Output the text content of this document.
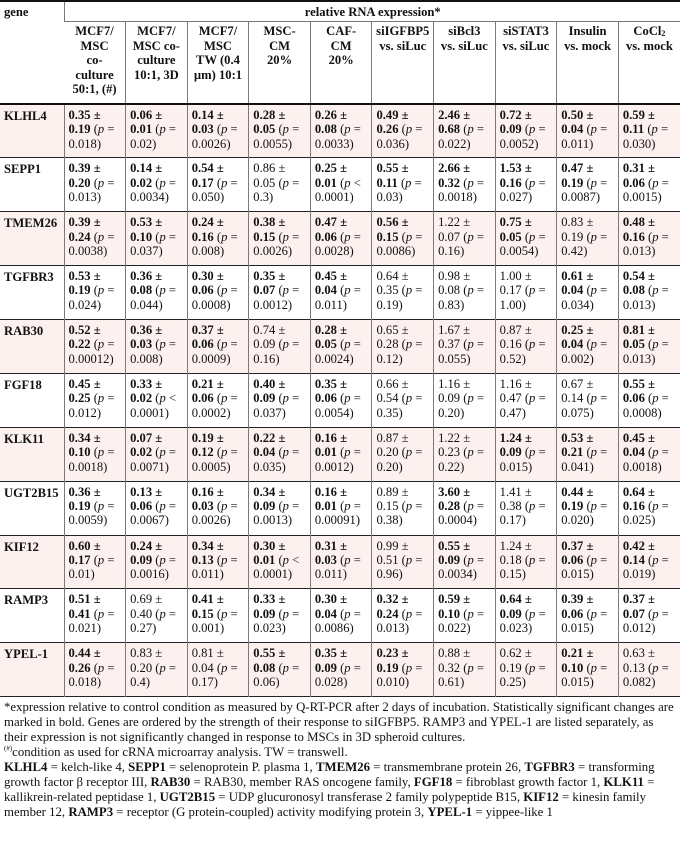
gene	relative RNA expression*									
	MCF7/
MSC
co-
culture
50:1, (#)	MCF7/
MSC co-
culture
10:1, 3D	MCF7/
MSC
TW (0.4
µm) 10:1	MSC-
CM
20%	CAF-
CM
20%	siIGFBP5
vs. siLuc	siBcl3
vs. siLuc	siSTAT3
vs. siLuc	Insulin
vs. mock	CoCl$_2$
vs. mock
KLHL4	0.35 ± 0.19 (p = 0.018)	0.06 ± 0.01 (p = 0.02)	0.14 ± 0.03 (p = 0.0026)	0.28 ± 0.05 (p = 0.0055)	0.26 ± 0.08 (p = 0.0033)	0.49 ± 0.26 (p = 0.036)	2.46 ± 0.68 (p = 0.022)	0.72 ± 0.09 (p = 0.0052)	0.50 ± 0.04 (p = 0.011)	0.59 ± 0.11 (p = 0.030)
SEPP1	0.39 ± 0.20 (p = 0.013)	0.14 ± 0.02 (p = 0.0034)	0.54 ± 0.17 (p = 0.050)	0.86 ± 0.05 (p = 0.3)	0.25 ± 0.01 (p < 0.0001)	0.55 ± 0.11 (p = 0.03)	2.66 ± 0.32 (p = 0.0018)	1.53 ± 0.16 (p = 0.027)	0.47 ± 0.19 (p = 0.0087)	0.31 ± 0.06 (p = 0.0015)
TMEM26	0.39 ± 0.24 (p = 0.0038)	0.53 ± 0.10 (p = 0.037)	0.24 ± 0.16 (p = 0.008)	0.38 ± 0.15 (p = 0.0026)	0.47 ± 0.06 (p = 0.0028)	0.56 ± 0.15 (p = 0.0086)	1.22 ± 0.07 (p = 0.16)	0.75 ± 0.05 (p = 0.0054)	0.83 ± 0.19 (p = 0.42)	0.48 ± 0.16 (p = 0.013)
TGFBR3	0.53 ± 0.19 (p = 0.024)	0.36 ± 0.08 (p = 0.044)	0.30 ± 0.06 (p = 0.0008)	0.35 ± 0.07 (p = 0.0012)	0.45 ± 0.04 (p = 0.011)	0.64 ± 0.35 (p = 0.19)	0.98 ± 0.08 (p = 0.83)	1.00 ± 0.17 (p = 1.00)	0.61 ± 0.04 (p = 0.034)	0.54 ± 0.08 (p = 0.013)
RAB30	0.52 ± 0.22 (p = 0.00012)	0.36 ± 0.03 (p = 0.008)	0.37 ± 0.06 (p = 0.0009)	0.74 ± 0.09 (p = 0.16)	0.28 ± 0.05 (p = 0.0024)	0.65 ± 0.28 (p = 0.12)	1.67 ± 0.37 (p = 0.055)	0.87 ± 0.16 (p = 0.52)	0.25 ± 0.04 (p = 0.002)	0.81 ± 0.05 (p = 0.013)
FGF18	0.45 ± 0.25 (p = 0.012)	0.33 ± 0.02 (p < 0.0001)	0.21 ± 0.06 (p = 0.0002)	0.40 ± 0.09 (p = 0.037)	0.35 ± 0.06 (p = 0.0054)	0.66 ± 0.54 (p = 0.35)	1.16 ± 0.09 (p = 0.20)	1.16 ± 0.47 (p = 0.47)	0.67 ± 0.14 (p = 0.075)	0.55 ± 0.06 (p = 0.0008)
KLK11	0.34 ± 0.10 (p = 0.0018)	0.07 ± 0.02 (p = 0.0071)	0.19 ± 0.12 (p = 0.0005)	0.22 ± 0.04 (p = 0.035)	0.16 ± 0.01 (p = 0.0012)	0.87 ± 0.20 (p = 0.20)	1.22 ± 0.23 (p = 0.22)	1.24 ± 0.09 (p = 0.015)	0.53 ± 0.21 (p = 0.041)	0.45 ± 0.04 (p = 0.0018)
UGT2B15	0.36 ± 0.19 (p = 0.0059)	0.13 ± 0.06 (p = 0.0067)	0.16 ± 0.03 (p = 0.0026)	0.34 ± 0.09 (p = 0.0013)	0.16 ± 0.01 (p = 0.00091)	0.89 ± 0.15 (p = 0.38)	3.60 ± 0.28 (p = 0.0004)	1.41 ± 0.38 (p = 0.17)	0.44 ± 0.19 (p = 0.020)	0.64 ± 0.16 (p = 0.025)
KIF12	0.60 ± 0.17 (p = 0.01)	0.24 ± 0.09 (p = 0.0016)	0.34 ± 0.13 (p = 0.011)	0.30 ± 0.01 (p < 0.0001)	0.31 ± 0.03 (p = 0.011)	0.99 ± 0.51 (p = 0.96)	0.55 ± 0.09 (p = 0.0034)	1.24 ± 0.18 (p = 0.15)	0.37 ± 0.06 (p = 0.015)	0.42 ± 0.14 (p = 0.019)
RAMP3	0.51 ± 0.41 (p = 0.021)	0.69 ± 0.40 (p = 0.27)	0.41 ± 0.15 (p = 0.001)	0.33 ± 0.09 (p = 0.023)	0.30 ± 0.04 (p = 0.0086)	0.32 ± 0.24 (p = 0.013)	0.59 ± 0.10 (p = 0.022)	0.64 ± 0.09 (p = 0.023)	0.39 ± 0.06 (p = 0.015)	0.37 ± 0.07 (p = 0.012)
YPEL-1	0.44 ± 0.26 (p = 0.018)	0.83 ± 0.20 (p = 0.4)	0.81 ± 0.04 (p = 0.17)	0.55 ± 0.08 (p = 0.06)	0.35 ± 0.09 (p = 0.028)	0.23 ± 0.19 (p = 0.010)	0.88 ± 0.32 (p = 0.61)	0.62 ± 0.19 (p = 0.25)	0.21 ± 0.10 (p = 0.015)	0.63 ± 0.13 (p = 0.082)

*expression relative to control condition as measured by Q-RT-PCR after 2 days of incubation. Statistically significant changes are marked in bold. Genes are ordered by the strength of their response to siIGFBP5. RAMP3 and YPEL-1 are listed separately, as their expression is not significantly changed in response to MSCs in 3D spheroid cultures.

(#)condition as used for cRNA microarray analysis. TW = transwell.

KLHL4 = kelch-like 4, SEPP1 = selenoprotein P. plasma 1, TMEM26 = transmembrane protein 26, TGFBR3 = transforming growth factor β receptor III, RAB30 = RAB30, member RAS oncogene family, FGF18 = fibroblast growth factor 1, KLK11 = kallikrein-related peptidase 1, UGT2B15 = UDP glucuronosyl transferase 2 family polypeptide B15, KIF12 = kinesin family member 12, RAMP3 = receptor (G protein-coupled) activity modifying protein 3, YPEL-1 = yippee-like 1
